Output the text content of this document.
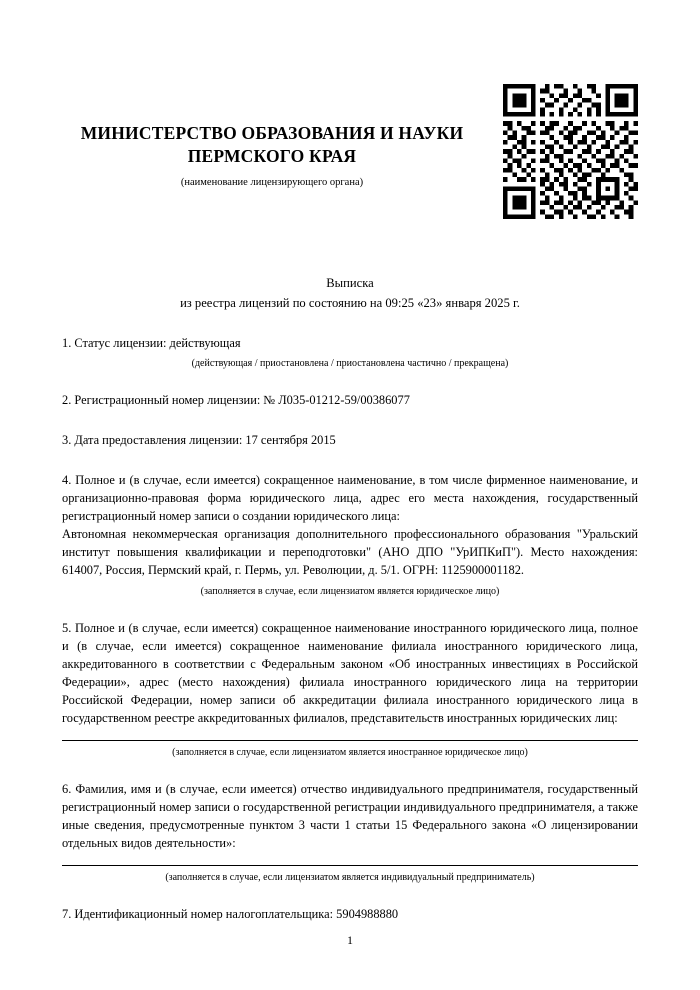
МИНИСТЕРСТВО ОБРАЗОВАНИЯ И НАУКИ ПЕРМСКОГО КРАЯ
(наименование лицензирующего органа)
Выписка
из реестра лицензий по состоянию на 09:25 «23» января 2025 г.

1. Статус лицензии: действующая

(действующая / приостановлена / приостановлена частично / прекращена)

2. Регистрационный номер лицензии: № Л035-01212-59/00386077

3. Дата предоставления лицензии: 17 сентября 2015

4. Полное и (в случае, если имеется) сокращенное наименование, в том числе фирменное наименование, и организационно-правовая форма юридического лица, адрес его места нахождения, государственный регистрационный номер записи о создании юридического лица:

Автономная некоммерческая организация дополнительного профессионального образования "Уральский институт повышения квалификации и переподготовки" (АНО ДПО "УрИПКиП"). Место нахождения: 614007, Россия, Пермский край, г. Пермь, ул. Революции, д. 5/1. ОГРН: 1125900001182.

(заполняется в случае, если лицензиатом является юридическое лицо)

5. Полное и (в случае, если имеется) сокращенное наименование иностранного юридического лица, полное и (в случае, если имеется) сокращенное наименование филиала иностранного юридического лица, аккредитованного в соответствии с Федеральным законом «Об иностранных инвестициях в Российской Федерации», адрес (место нахождения) филиала иностранного юридического лица на территории Российской Федерации, номер записи об аккредитации филиала иностранного юридического лица в государственном реестре аккредитованных филиалов, представительств иностранных юридических лиц:

(заполняется в случае, если лицензиатом является иностранное юридическое лицо)

6. Фамилия, имя и (в случае, если имеется) отчество индивидуального предпринимателя, государственный регистрационный номер записи о государственной регистрации индивидуального предпринимателя, а также иные сведения, предусмотренные пунктом 3 части 1 статьи 15 Федерального закона «О лицензировании отдельных видов деятельности»:

(заполняется в случае, если лицензиатом является индивидуальный предприниматель)

7. Идентификационный номер налогоплательщика: 5904988880

1
